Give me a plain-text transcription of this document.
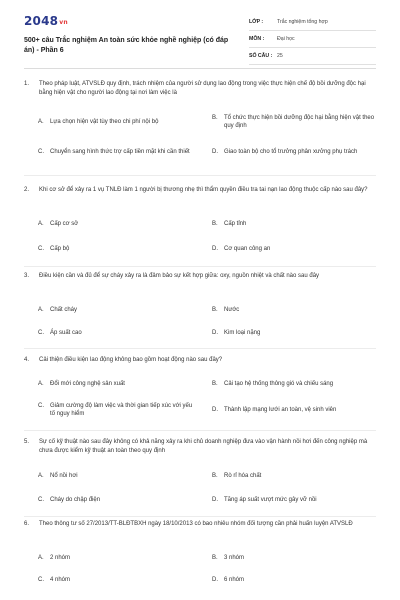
2048vn
500+ câu Trắc nghiệm An toàn sức khỏe nghề nghiệp (có đáp án) - Phần 6
LỚP :	Trắc nghiệm tổng hợp
MÔN :	Đại học
SỐ CÂU : 25
1.	Theo pháp luật, ATVSLĐ quy định, trách nhiệm của người sử dụng lao động trong việc thực hiện chế độ bồi dưỡng độc hại bằng hiện vật cho người lao động tại nơi làm việc là
A.	Lựa chọn hiện vật tùy theo chi phí nội bộ
B.	Tổ chức thực hiện bồi dưỡng độc hại bằng hiện vật theo quy định
C.	Chuyển sang hình thức trợ cấp tiền mặt khi cần thiết	D.	Giao toàn bộ cho tổ trưởng phân xưởng phụ trách
2.	Khi cơ sở để xảy ra 1 vụ TNLĐ làm 1 người bị thương nhẹ thì thẩm quyền điều tra tai nạn lao động thuộc cấp nào sau đây?
A.	Cấp cơ sở	B.	Cấp tỉnh
C.	Cấp bộ	D.	Cơ quan công an
3.	Điều kiện cần và đủ để sự cháy xảy ra là đảm bảo sự kết hợp giữa: oxy, nguồn nhiệt và chất nào sau đây
A.	Chất cháy	B.	Nước
C.	Áp suất cao	D.	Kim loại nặng
4.	Cải thiện điều kiện lao động không bao gồm hoạt động nào sau đây?
A.	Đổi mới công nghệ sản xuất	B.	Cải tạo hệ thống thông gió và chiếu sáng
C.	Giảm cường độ làm việc và thời gian tiếp xúc với yếu tố nguy hiểm
D.	Thành lập mạng lưới an toàn, vệ sinh viên
5.	Sự cố kỹ thuật nào sau đây không có khả năng xảy ra khi chủ doanh nghiệp đưa vào vận hành nồi hơi đến công nghiệp mà chưa được kiểm kỹ thuật an toàn theo quy định
A.	Nổ nồi hơi	B.	Rò rỉ hóa chất
C.	Cháy do chập điện	D.	Tăng áp suất vượt mức gây vỡ nồi
6.	Theo thông tư số 27/2013/TT-BLĐTBXH ngày 18/10/2013 có bao nhiêu nhóm đối tượng cần phải huấn luyện ATVSLĐ
A.	2 nhóm	B.	3 nhóm
C.	4 nhóm	D.	6 nhóm
